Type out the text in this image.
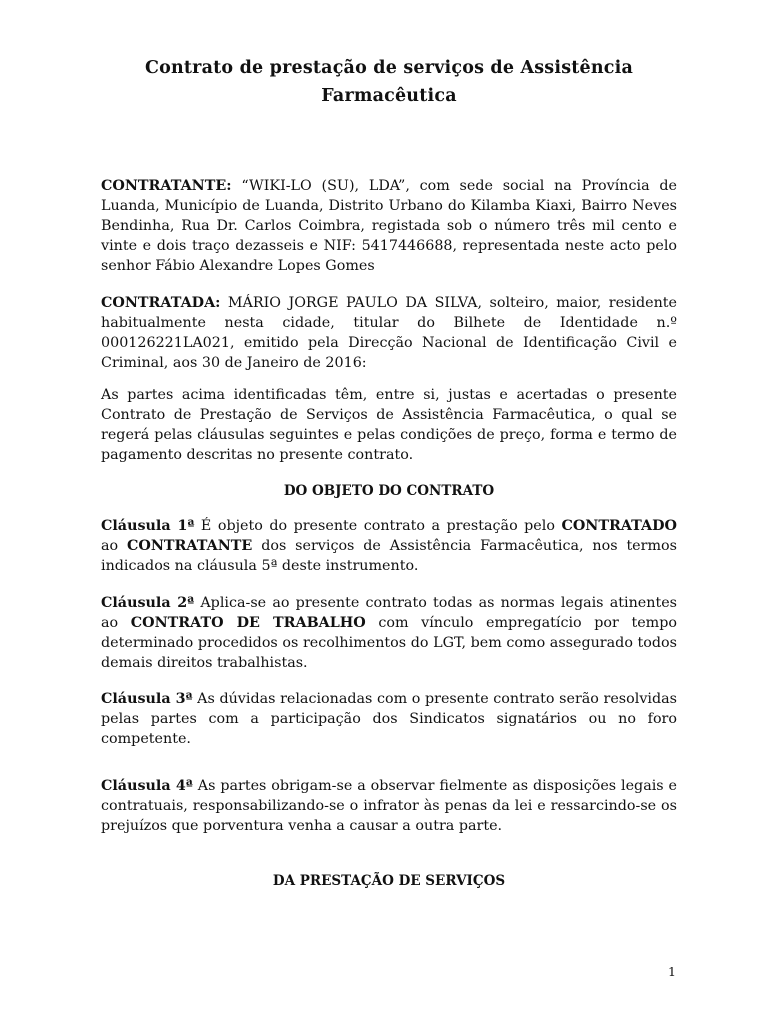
Contrato de prestação de serviços de Assistência Farmacêutica

CONTRATANTE: “WIKI-LO (SU), LDA”, com sede social na Província de Luanda, Município de Luanda, Distrito Urbano do Kilamba Kiaxi, Bairro Neves Bendinha, Rua Dr. Carlos Coimbra, registada sob o número três mil cento e vinte e dois traço dezasseis e NIF: 5417446688, representada neste acto pelo senhor Fábio Alexandre Lopes Gomes

CONTRATADA: MÁRIO JORGE PAULO DA SILVA, solteiro, maior, residente habitualmente nesta cidade, titular do Bilhete de Identidade n.º 000126221LA021, emitido pela Direcção Nacional de Identificação Civil e Criminal, aos 30 de Janeiro de 2016:

As partes acima identificadas têm, entre si, justas e acertadas o presente Contrato de Prestação de Serviços de Assistência Farmacêutica, o qual se regerá pelas cláusulas seguintes e pelas condições de preço, forma e termo de pagamento descritas no presente contrato.

DO OBJETO DO CONTRATO

Cláusula 1ª É objeto do presente contrato a prestação pelo CONTRATADO ao CONTRATANTE dos serviços de Assistência Farmacêutica, nos termos indicados na cláusula 5ª deste instrumento.

Cláusula 2ª Aplica-se ao presente contrato todas as normas legais atinentes ao CONTRATO DE TRABALHO com vínculo empregatício por tempo determinado procedidos os recolhimentos do LGT, bem como assegurado todos demais direitos trabalhistas.

Cláusula 3ª As dúvidas relacionadas com o presente contrato serão resolvidas pelas partes com a participação dos Sindicatos signatários ou no foro competente.

Cláusula 4ª As partes obrigam-se a observar fielmente as disposições legais e contratuais, responsabilizando-se o infrator às penas da lei e ressarcindo-se os prejuízos que porventura venha a causar a outra parte.

DA PRESTAÇÃO DE SERVIÇOS
1
